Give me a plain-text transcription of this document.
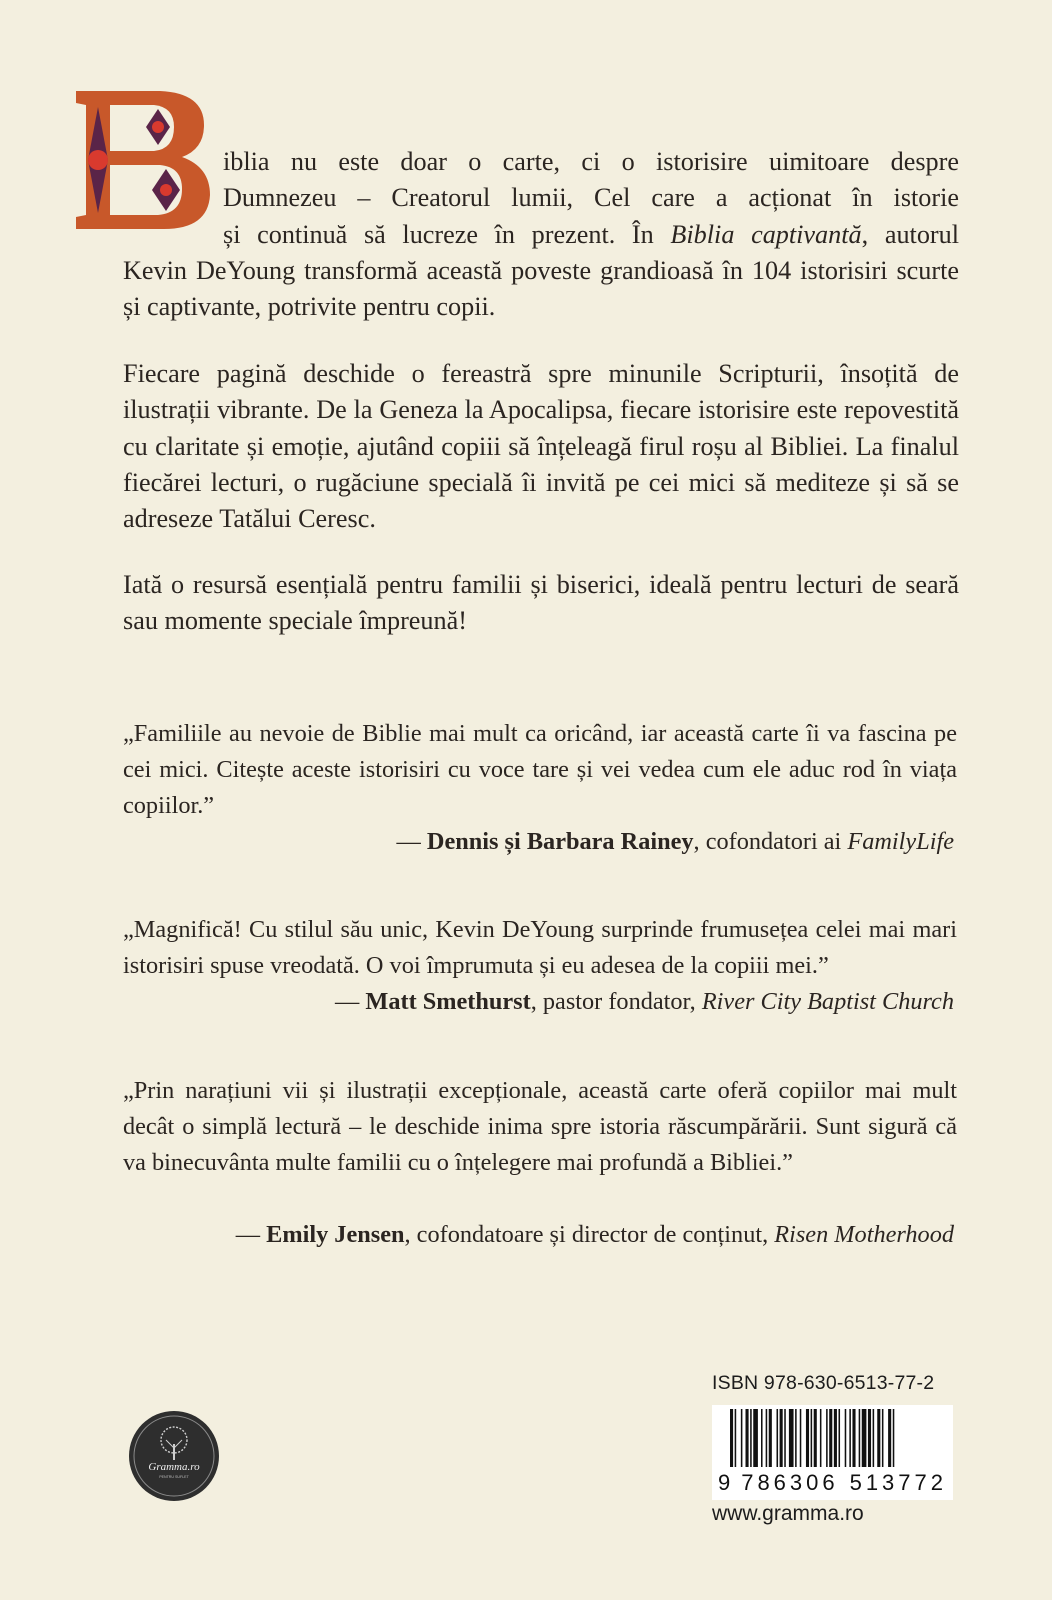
iblia nu este doar o carte, ci o istorisire uimitoare despre
Dumnezeu – Creatorul lumii, Cel care a acționat în istorie
și continuă să lucreze în prezent. În Biblia captivantă, autorul
Kevin DeYoung transformă această poveste grandioasă în 104 istorisiri scurte și captivante, potrivite pentru copii.

Fiecare pagină deschide o fereastră spre minunile Scripturii, însoțită de ilustrații vibrante. De la Geneza la Apocalipsa, fiecare istorisire este repovestită cu claritate și emoție, ajutând copiii să înțeleagă firul roșu al Bibliei. La finalul fiecărei lecturi, o rugăciune specială îi invită pe cei mici să mediteze și să se adreseze Tatălui Ceresc.

Iată o resursă esențială pentru familii și biserici, ideală pentru lecturi de seară sau momente speciale împreună!

„Familiile au nevoie de Biblie mai mult ca oricând, iar această carte îi va fascina pe cei mici. Citește aceste istorisiri cu voce tare și vei vedea cum ele aduc rod în viața copiilor.”

— Dennis și Barbara Rainey, cofondatori ai FamilyLife

„Magnifică! Cu stilul său unic, Kevin DeYoung surprinde frumusețea celei mai mari istorisiri spuse vreodată. O voi împrumuta și eu adesea de la copiii mei.”

— Matt Smethurst, pastor fondator, River City Baptist Church

„Prin narațiuni vii și ilustrații excepționale, această carte oferă copiilor mai mult decât o simplă lectură – le deschide inima spre istoria răscumpărării. Sunt sigură că va binecuvânta multe familii cu o înțelegere mai profundă a Bibliei.”

— Emily Jensen, cofondatoare și director de conținut, Risen Motherhood

Gramma.ro
PENTRU SUFLET
ISBN 978-630-6513-77-2
9 786306 513772
www.gramma.ro
